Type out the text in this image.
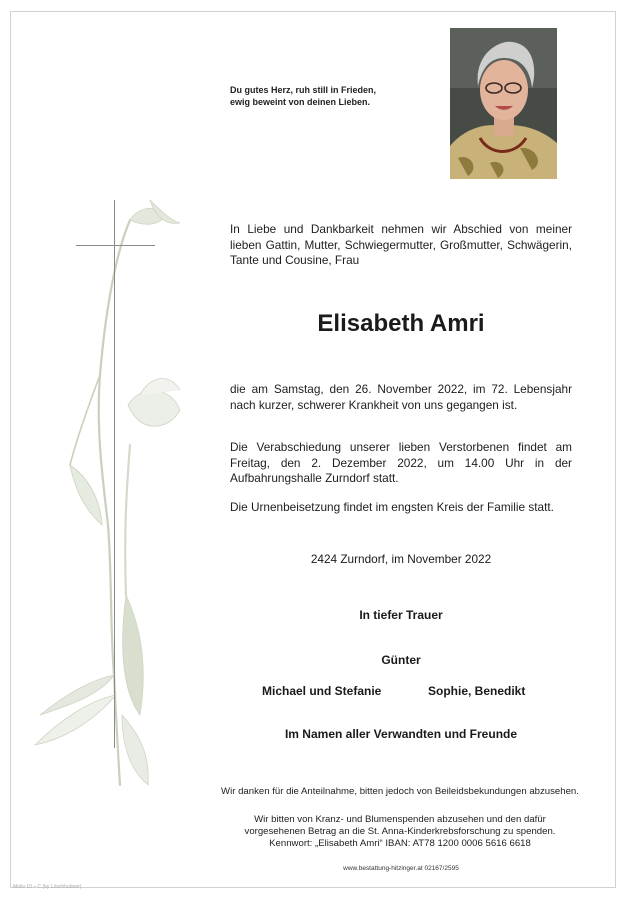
Du gutes Herz, ruh still in Frieden,
ewig beweint von deinen Lieben.
In Liebe und Dankbarkeit nehmen wir Abschied von meiner lieben Gattin, Mutter, Schwiegermutter, Großmutter, Schwägerin, Tante und Cousine, Frau
Elisabeth Amri
die am Samstag, den 26. November 2022, im 72. Lebensjahr nach kurzer, schwerer Krankheit von uns gegangen ist.
Die Verabschiedung unserer lieben Verstorbenen findet am Freitag, den 2. Dezember 2022, um 14.00 Uhr in der Aufbahrungshalle Zurndorf statt.
Die Urnenbeisetzung findet im engsten Kreis der Familie statt.
2424 Zurndorf, im November 2022
In tiefer Trauer
Günter
Michael und Stefanie	Sophie, Benedikt
Im Namen aller Verwandten und Freunde
Wir danken für die Anteilnahme, bitten jedoch von Beileidsbekundungen abzusehen.
Wir bitten von Kranz- und Blumenspenden abzusehen und den dafür
vorgesehenen Betrag an die St. Anna-Kinderkrebsforschung zu spenden.
Kennwort: „Elisabeth Amri“ IBAN: AT78 1200 0006 5616 6618
www.bestattung-hitzinger.at 02167/2595
Motiv 10 – C (by Löschhubner)
